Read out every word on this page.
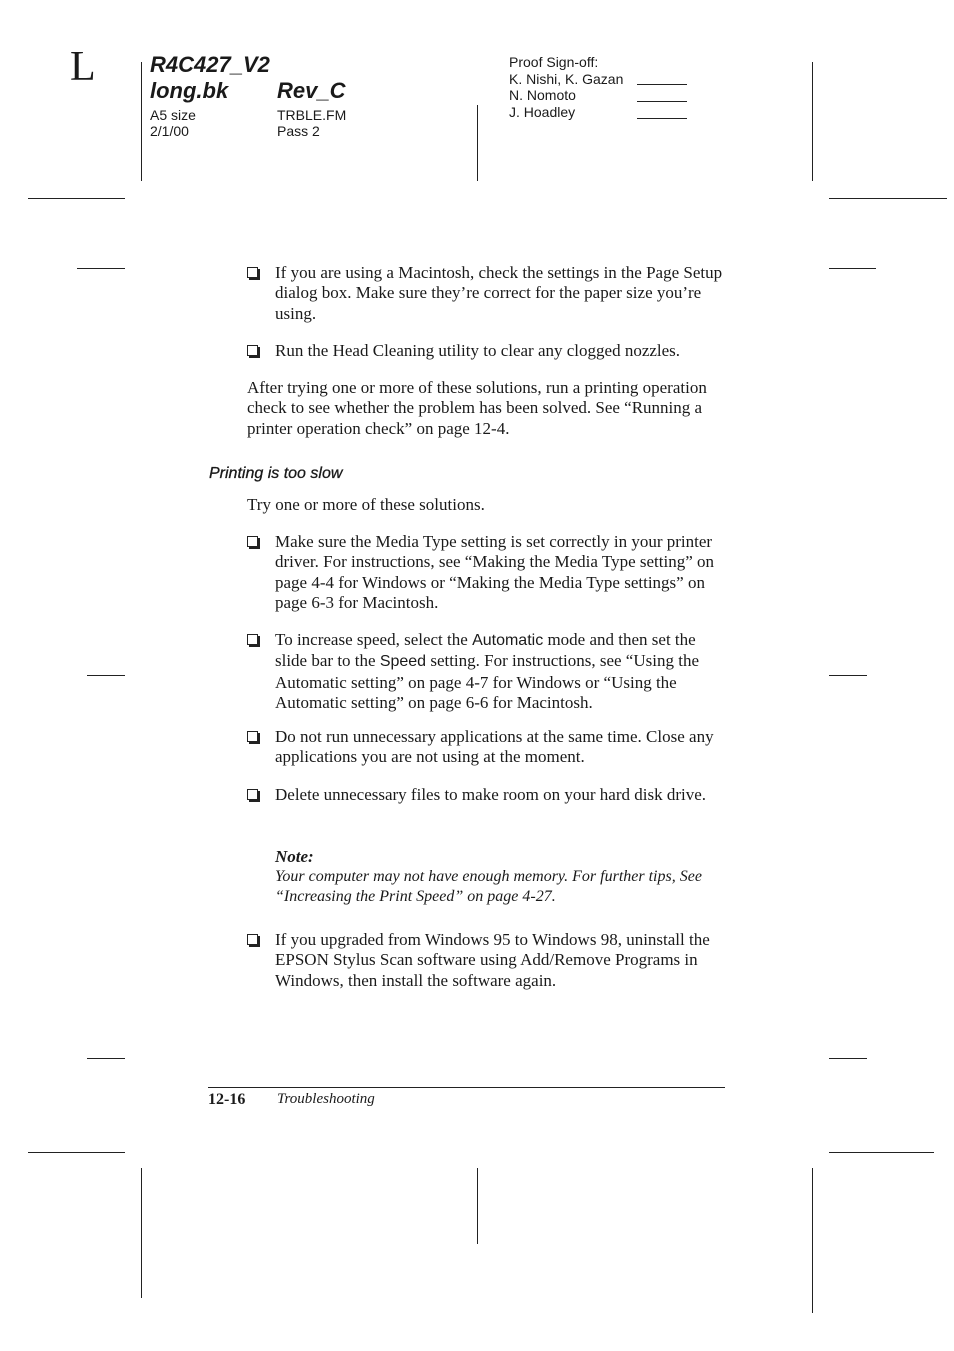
L R4C427_V2
long.bk Rev_C
A5 size	TRBLE.FM
2/1/00	Pass 2
Proof Sign-off:
K. Nishi, K. Gazan
N. Nomoto
J. Hoadley
If you are using a Macintosh, check the settings in the Page Setup dialog box. Make sure they’re correct for the paper size you’re using.
Run the Head Cleaning utility to clear any clogged nozzles.
After trying one or more of these solutions, run a printing operation check to see whether the problem has been solved. See “Running a printer operation check” on page 12-4.
Printing is too slow
Try one or more of these solutions.
Make sure the Media Type setting is set correctly in your printer driver. For instructions, see “Making the Media Type setting” on page 4-4 for Windows or “Making the Media Type settings” on page 6-3 for Macintosh.
To increase speed, select the Automatic mode and then set the slide bar to the Speed setting. For instructions, see “Using the Automatic setting” on page 4-7 for Windows or “Using the Automatic setting” on page 6-6 for Macintosh.
Do not run unnecessary applications at the same time. Close any applications you are not using at the moment.
Delete unnecessary files to make room on your hard disk drive.
Note:
Your computer may not have enough memory. For further tips, See “Increasing the Print Speed” on page 4-27.
If you upgraded from Windows 95 to Windows 98, uninstall the EPSON Stylus Scan software using Add/Remove Programs in Windows, then install the software again.
12-16 Troubleshooting
